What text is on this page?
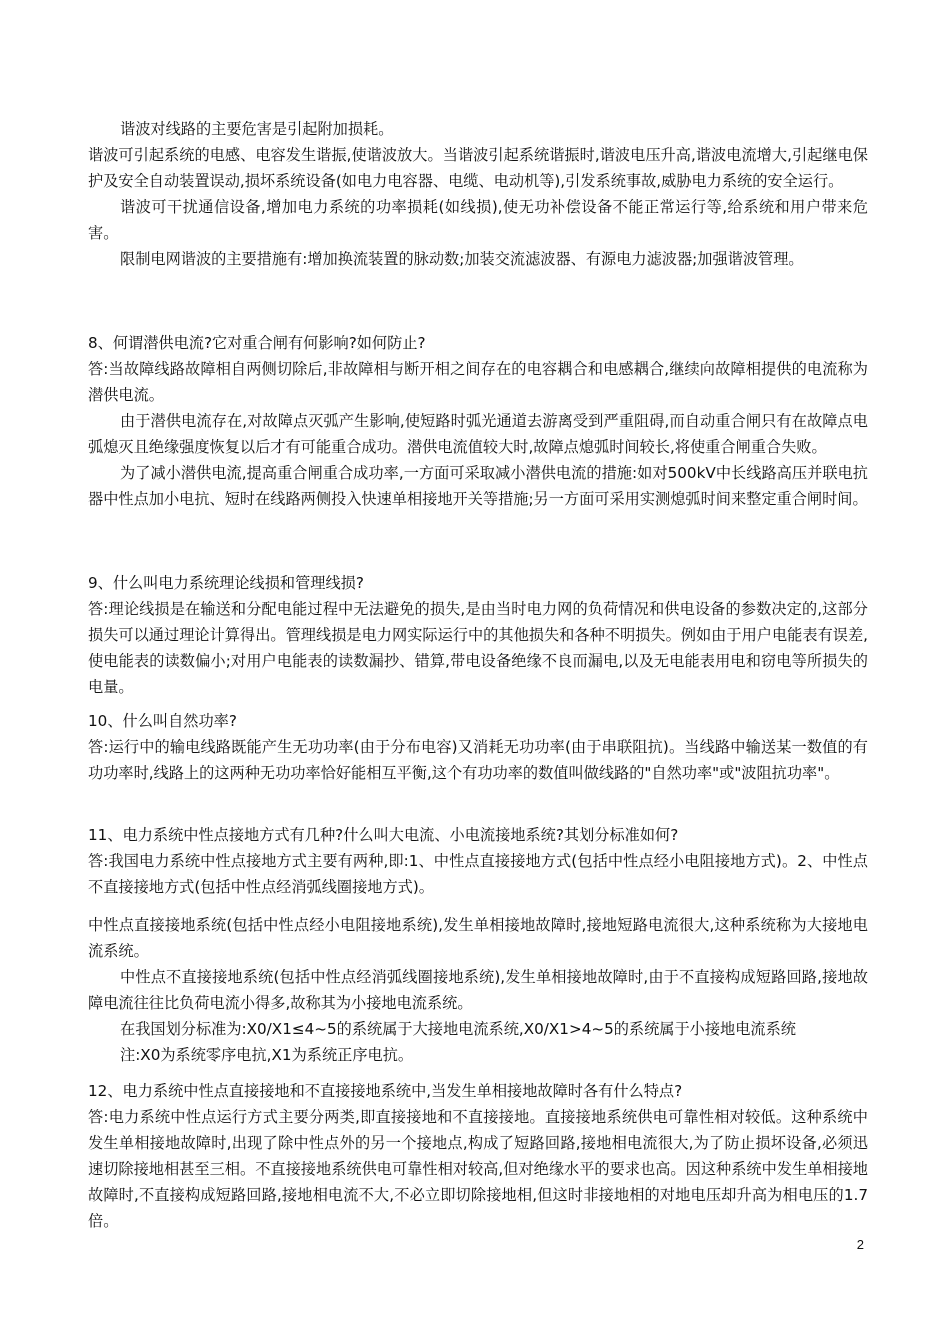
谐波对线路的主要危害是引起附加损耗。

谐波可引起系统的电感、电容发生谐振,使谐波放大。当谐波引起系统谐振时,谐波电压升高,谐波电流增大,引起继电保护及安全自动装置误动,损坏系统设备(如电力电容器、电缆、电动机等),引发系统事故,威胁电力系统的安全运行。

谐波可干扰通信设备,增加电力系统的功率损耗(如线损),使无功补偿设备不能正常运行等,给系统和用户带来危害。

限制电网谐波的主要措施有:增加换流装置的脉动数;加装交流滤波器、有源电力滤波器;加强谐波管理。

8、何谓潜供电流?它对重合闸有何影响?如何防止?

答:当故障线路故障相自两侧切除后,非故障相与断开相之间存在的电容耦合和电感耦合,继续向故障相提供的电流称为潜供电流。

由于潜供电流存在,对故障点灭弧产生影响,使短路时弧光通道去游离受到严重阻碍,而自动重合闸只有在故障点电弧熄灭且绝缘强度恢复以后才有可能重合成功。潜供电流值较大时,故障点熄弧时间较长,将使重合闸重合失败。

为了减小潜供电流,提高重合闸重合成功率,一方面可采取减小潜供电流的措施:如对500kV中长线路高压并联电抗器中性点加小电抗、短时在线路两侧投入快速单相接地开关等措施;另一方面可采用实测熄弧时间来整定重合闸时间。

9、什么叫电力系统理论线损和管理线损?

答:理论线损是在输送和分配电能过程中无法避免的损失,是由当时电力网的负荷情况和供电设备的参数决定的,这部分损失可以通过理论计算得出。管理线损是电力网实际运行中的其他损失和各种不明损失。例如由于用户电能表有误差,使电能表的读数偏小;对用户电能表的读数漏抄、错算,带电设备绝缘不良而漏电,以及无电能表用电和窃电等所损失的电量。

10、什么叫自然功率?

答:运行中的输电线路既能产生无功功率(由于分布电容)又消耗无功功率(由于串联阻抗)。当线路中输送某一数值的有功功率时,线路上的这两种无功功率恰好能相互平衡,这个有功功率的数值叫做线路的"自然功率"或"波阻抗功率"。

11、电力系统中性点接地方式有几种?什么叫大电流、小电流接地系统?其划分标准如何?

答:我国电力系统中性点接地方式主要有两种,即:1、中性点直接接地方式(包括中性点经小电阻接地方式)。2、中性点不直接接地方式(包括中性点经消弧线圈接地方式)。

中性点直接接地系统(包括中性点经小电阻接地系统),发生单相接地故障时,接地短路电流很大,这种系统称为大接地电流系统。

中性点不直接接地系统(包括中性点经消弧线圈接地系统),发生单相接地故障时,由于不直接构成短路回路,接地故障电流往往比负荷电流小得多,故称其为小接地电流系统。

在我国划分标准为:X0/X1≤4~5的系统属于大接地电流系统,X0/X1>4~5的系统属于小接地电流系统

注:X0为系统零序电抗,X1为系统正序电抗。

12、电力系统中性点直接接地和不直接接地系统中,当发生单相接地故障时各有什么特点?

答:电力系统中性点运行方式主要分两类,即直接接地和不直接接地。直接接地系统供电可靠性相对较低。这种系统中发生单相接地故障时,出现了除中性点外的另一个接地点,构成了短路回路,接地相电流很大,为了防止损坏设备,必须迅速切除接地相甚至三相。不直接接地系统供电可靠性相对较高,但对绝缘水平的要求也高。因这种系统中发生单相接地故障时,不直接构成短路回路,接地相电流不大,不必立即切除接地相,但这时非接地相的对地电压却升高为相电压的1.7倍。

2
